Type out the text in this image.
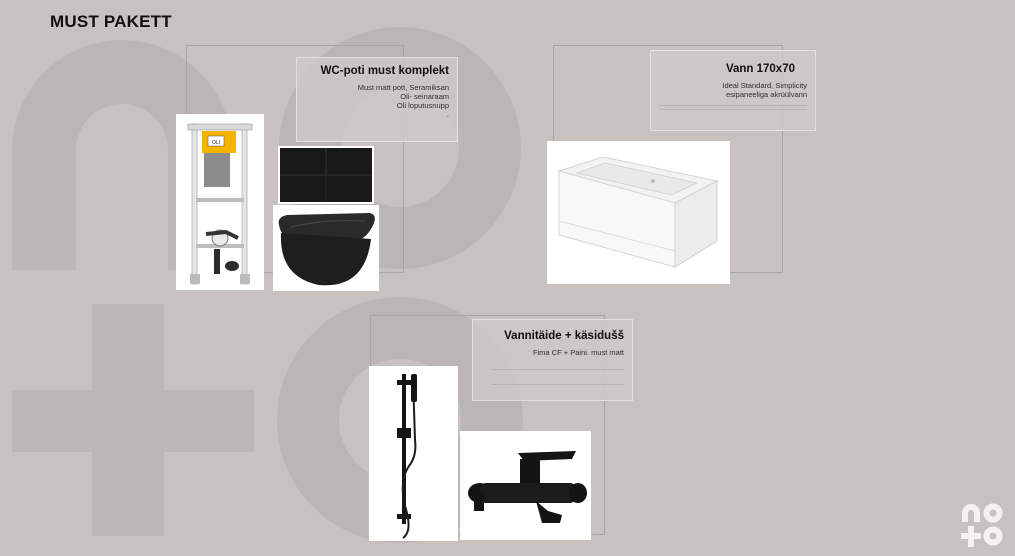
MUST PAKETT
WC-poti must komplekt
Must matt pott, Seramiksan
Oli- seinaraam
Oli loputusnupp
.
Vann 170x70
Ideal Standard, Simplicity
esipaneeliga akrüülvann
Vannitäide + käsidušš
Fima CF + Paini. must matt
OLI
